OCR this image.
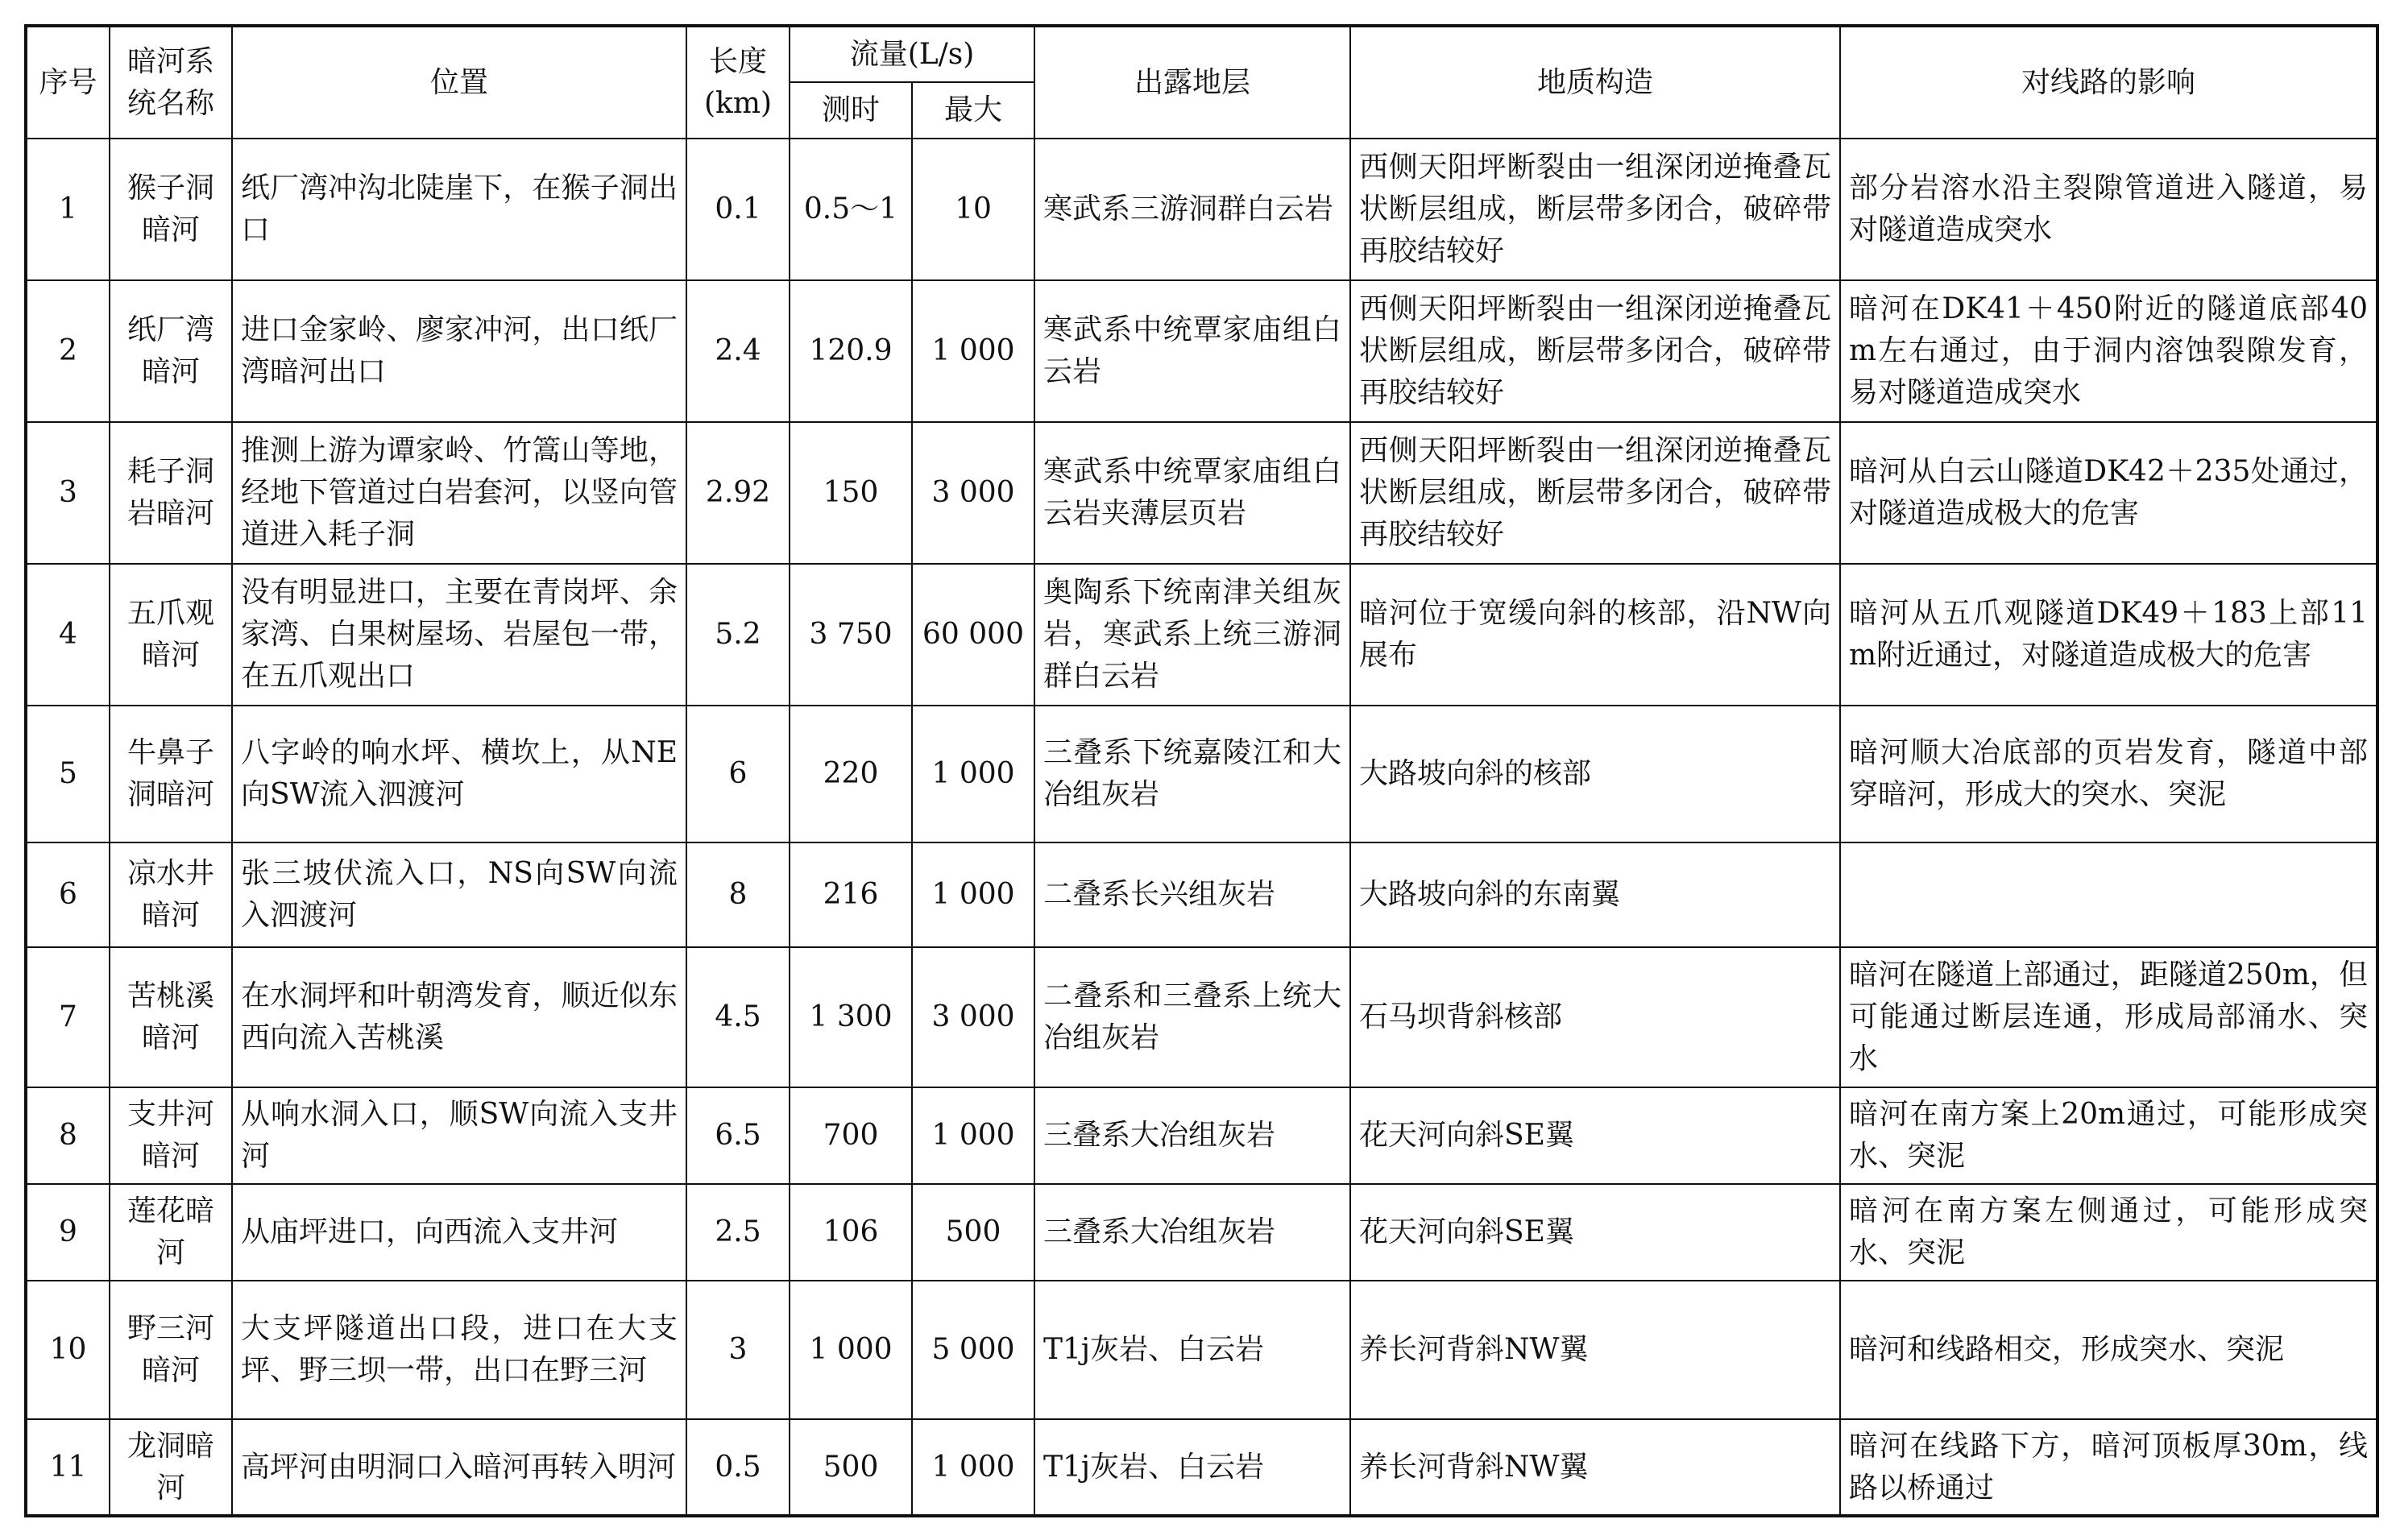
序号	暗河系统名称	位置	长度(km)	流量(L/s)		出露地层	地质构造	对线路的影响
				测时	最大			
1	猴子洞暗河	纸厂湾冲沟北陡崖下，在猴子洞出口	0.1	0.5～1	10	寒武系三游洞群白云岩	西侧天阳坪断裂由一组深闭逆掩叠瓦状断层组成，断层带多闭合，破碎带再胶结较好	部分岩溶水沿主裂隙管道进入隧道，易对隧道造成突水
2	纸厂湾暗河	进口金家岭、廖家冲河，出口纸厂湾暗河出口	2.4	120.9	1 000	寒武系中统覃家庙组白云岩	西侧天阳坪断裂由一组深闭逆掩叠瓦状断层组成，断层带多闭合，破碎带再胶结较好	暗河在DK41＋450附近的隧道底部40m左右通过，由于洞内溶蚀裂隙发育，易对隧道造成突水
3	耗子洞岩暗河	推测上游为谭家岭、竹篙山等地，经地下管道过白岩套河，以竖向管道进入耗子洞	2.92	150	3 000	寒武系中统覃家庙组白云岩夹薄层页岩	西侧天阳坪断裂由一组深闭逆掩叠瓦状断层组成，断层带多闭合，破碎带再胶结较好	暗河从白云山隧道DK42＋235处通过，对隧道造成极大的危害
4	五爪观暗河	没有明显进口，主要在青岗坪、余家湾、白果树屋场、岩屋包一带，在五爪观出口	5.2	3 750	60 000	奥陶系下统南津关组灰岩，寒武系上统三游洞群白云岩	暗河位于宽缓向斜的核部，沿NW向展布	暗河从五爪观隧道DK49＋183上部11m附近通过，对隧道造成极大的危害
5	牛鼻子洞暗河	八字岭的响水坪、横坎上，从NE向SW流入泗渡河	6	220	1 000	三叠系下统嘉陵江和大冶组灰岩	大路坡向斜的核部	暗河顺大冶底部的页岩发育，隧道中部穿暗河，形成大的突水、突泥
6	凉水井暗河	张三坡伏流入口，NS向SW向流入泗渡河	8	216	1 000	二叠系长兴组灰岩	大路坡向斜的东南翼	
7	苦桃溪暗河	在水洞坪和叶朝湾发育，顺近似东西向流入苦桃溪	4.5	1 300	3 000	二叠系和三叠系上统大冶组灰岩	石马坝背斜核部	暗河在隧道上部通过，距隧道250m，但可能通过断层连通，形成局部涌水、突水
8	支井河暗河	从响水洞入口，顺SW向流入支井河	6.5	700	1 000	三叠系大冶组灰岩	花天河向斜SE翼	暗河在南方案上20m通过，可能形成突水、突泥
9	莲花暗河	从庙坪进口，向西流入支井河	2.5	106	500	三叠系大冶组灰岩	花天河向斜SE翼	暗河在南方案左侧通过，可能形成突水、突泥
10	野三河暗河	大支坪隧道出口段，进口在大支坪、野三坝一带，出口在野三河	3	1 000	5 000	T1j灰岩、白云岩	养长河背斜NW翼	暗河和线路相交，形成突水、突泥
11	龙洞暗河	高坪河由明洞口入暗河再转入明河	0.5	500	1 000	T1j灰岩、白云岩	养长河背斜NW翼	暗河在线路下方，暗河顶板厚30m，线路以桥通过
